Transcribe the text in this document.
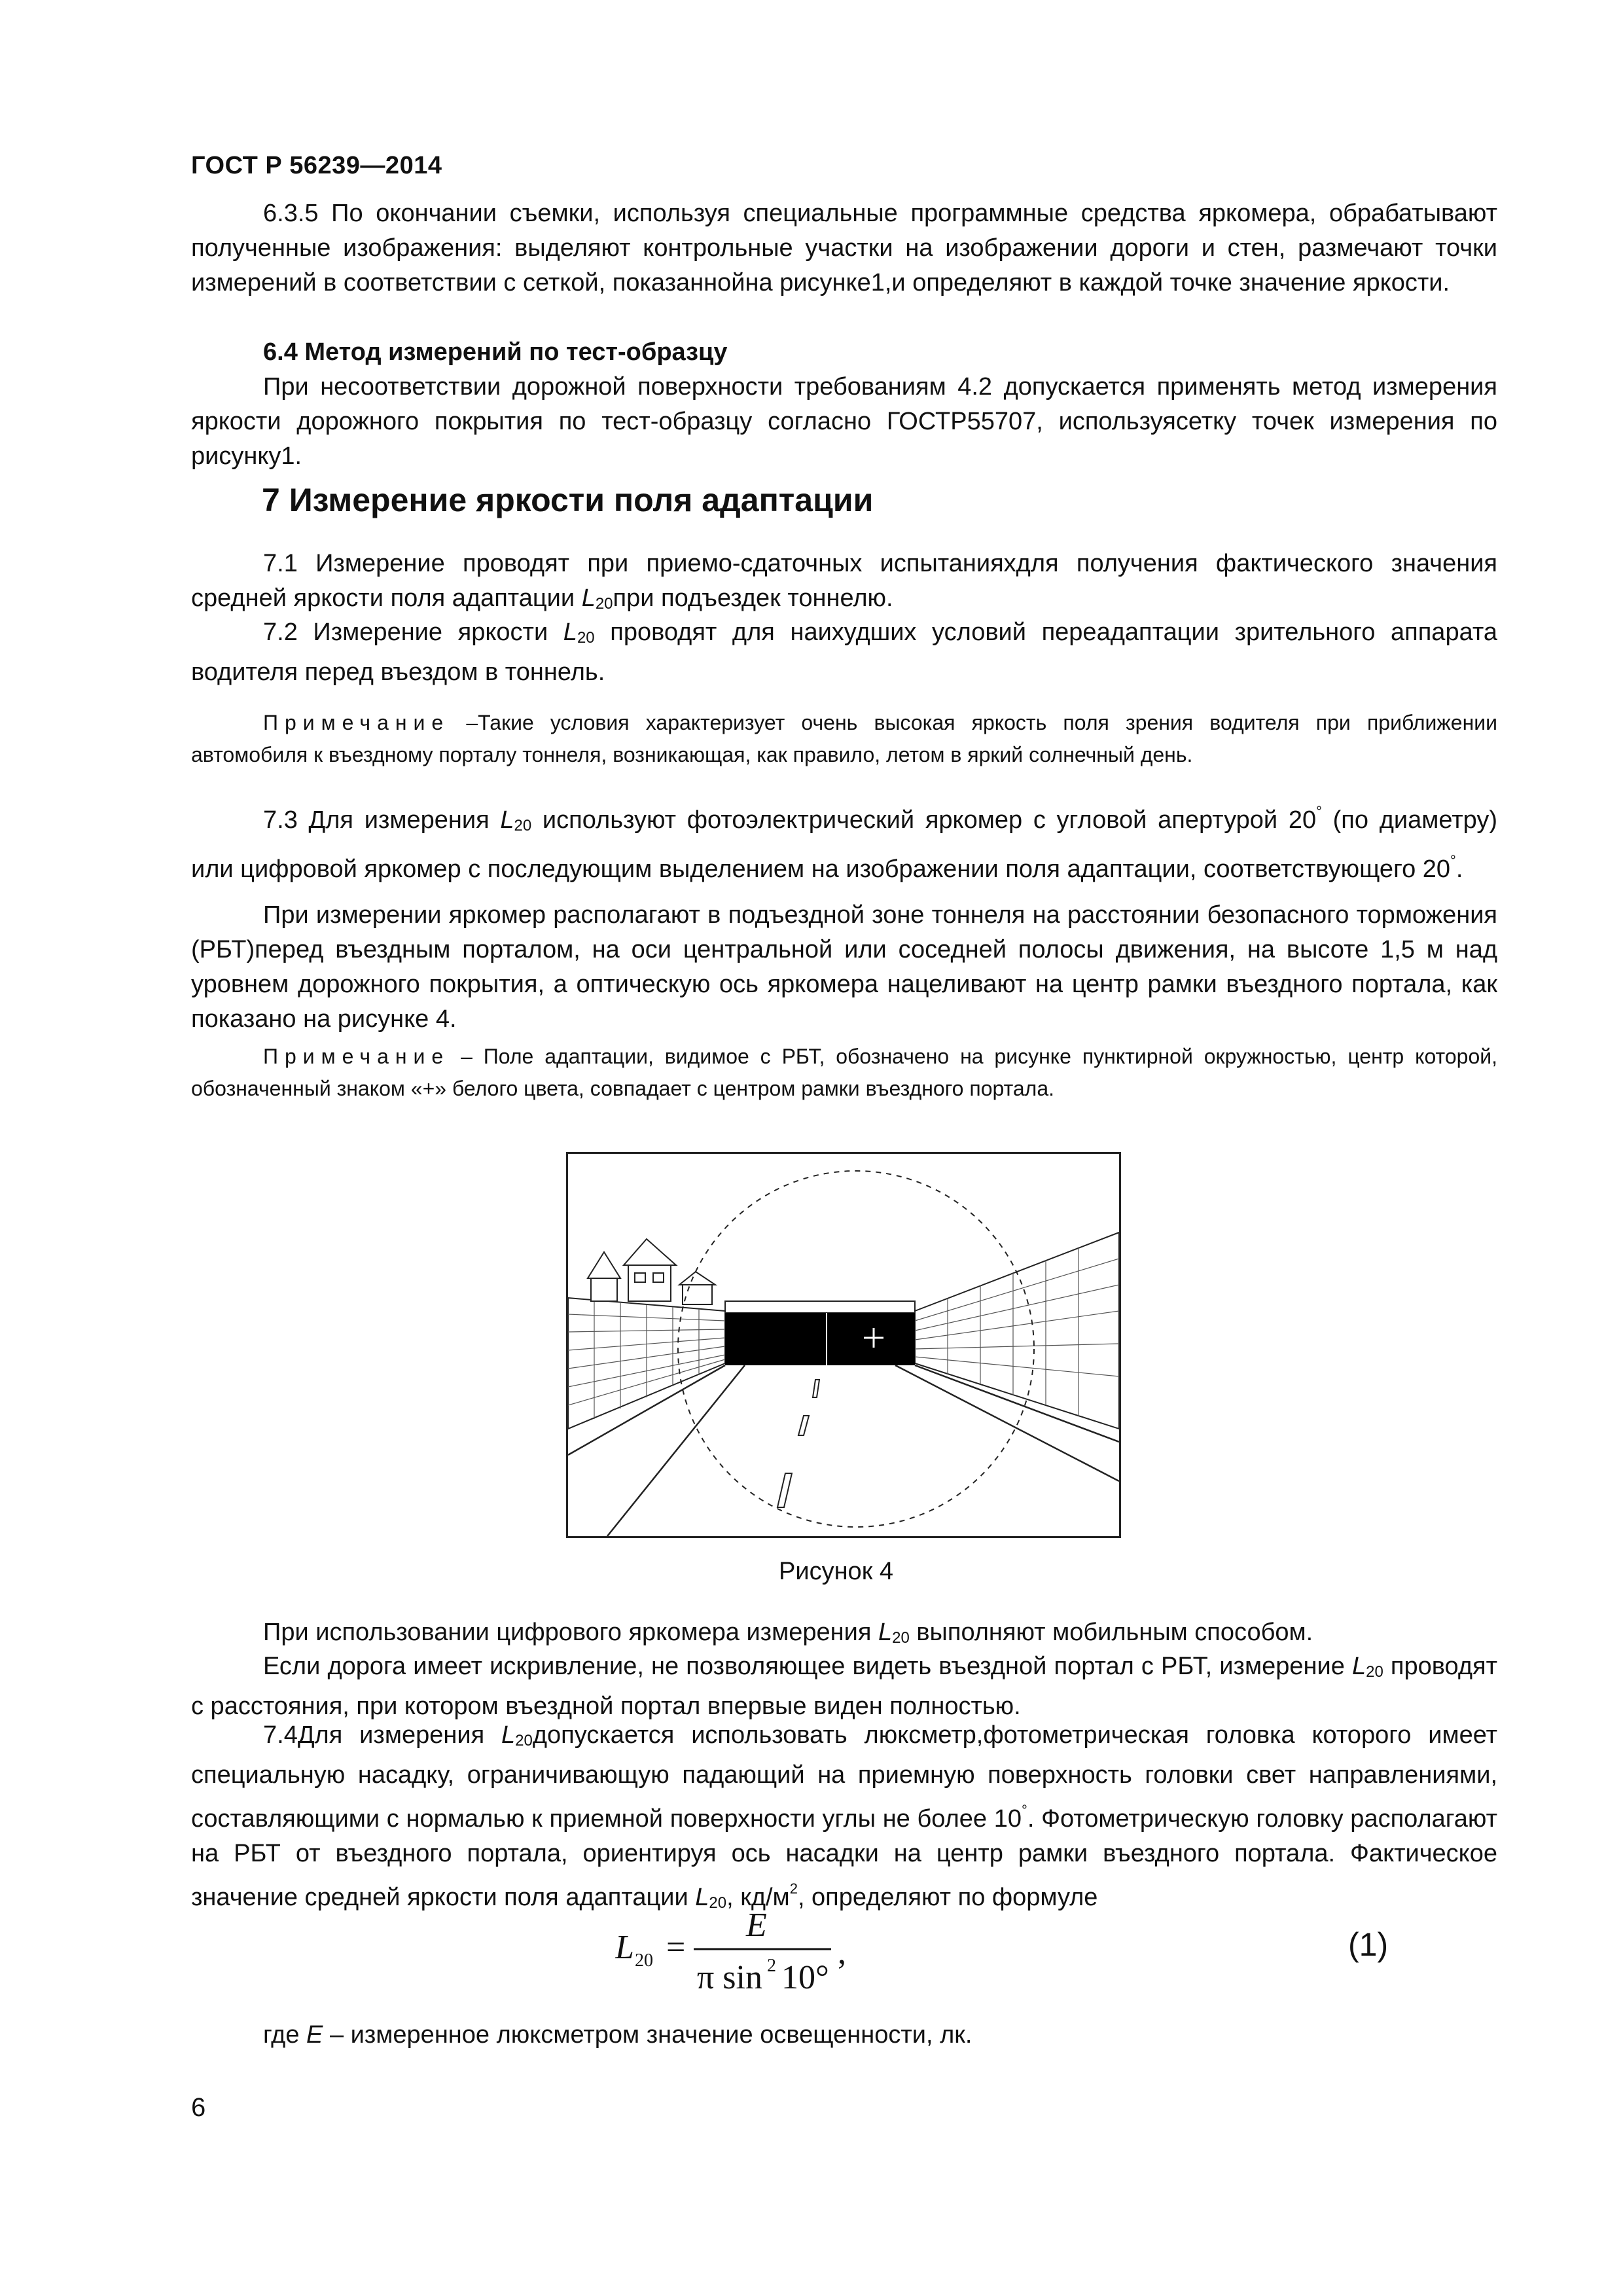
ГОСТ Р 56239—2014
6.3.5 По окончании съемки, используя специальные программные средства яркомера, обрабатывают полученные изображения: выделяют контрольные участки на изображении дороги и стен, размечают точки измерений в соответствии с сеткой, показаннойна рисунке1,и определяют в каждой точке значение яркости.
6.4 Метод измерений по тест-образцу
При несоответствии дорожной поверхности требованиям 4.2 допускается применять метод измерения яркости дорожного покрытия по тест-образцу согласно ГОСТР55707, используясетку точек измерения по рисунку1.
7 Измерение яркости поля адаптации
7.1 Измерение проводят при приемо-сдаточных испытанияхдля получения фактического значения средней яркости поля адаптации L20при подъездек тоннелю.
7.2 Измерение яркости L20 проводят для наихудших условий переадаптации зрительного аппарата водителя перед въездом в тоннель.
Примечание –Такие условия характеризует очень высокая яркость поля зрения водителя при приближении автомобиля к въездному порталу тоннеля, возникающая, как правило, летом в яркий солнечный день.
7.3 Для измерения L20 используют фотоэлектрический яркомер с угловой апертурой 20° (по диаметру) или цифровой яркомер с последующим выделением на изображении поля адаптации, соответствующего 20°.
При измерении яркомер располагают в подъездной зоне тоннеля на расстоянии безопасного торможения (РБТ)перед въездным порталом, на оси центральной или соседней полосы движения, на высоте 1,5 м над уровнем дорожного покрытия, а оптическую ось яркомера нацеливают на центр рамки въездного портала, как показано на рисунке 4.
Примечание – Поле адаптации, видимое с РБТ, обозначено на рисунке пунктирной окружностью, центр которой, обозначенный знаком «+» белого цвета, совпадает с центром рамки въездного портала.
Рисунок 4
При использовании цифрового яркомера измерения L20 выполняют мобильным способом.
Если дорога имеет искривление, не позволяющее видеть въездной портал с РБТ, измерение L20 проводят с расстояния, при котором въездной портал впервые виден полностью.
7.4Для измерения L20допускается использовать люксметр,фотометрическая головка которого имеет специальную насадку, ограничивающую падающий на приемную поверхность головки свет направлениями, составляющими с нормалью к приемной поверхности углы не более 10°. Фотометрическую головку располагают на РБТ от въездного портала, ориентируя ось насадки на центр рамки въездного портала. Фактическое значение средней яркости поля адаптации L20, $кд/м^2$, определяют по формуле
L 20 =
E
π sin 2 10°
,	(1)
где E – измеренное люксметром значение освещенности, лк.
6
